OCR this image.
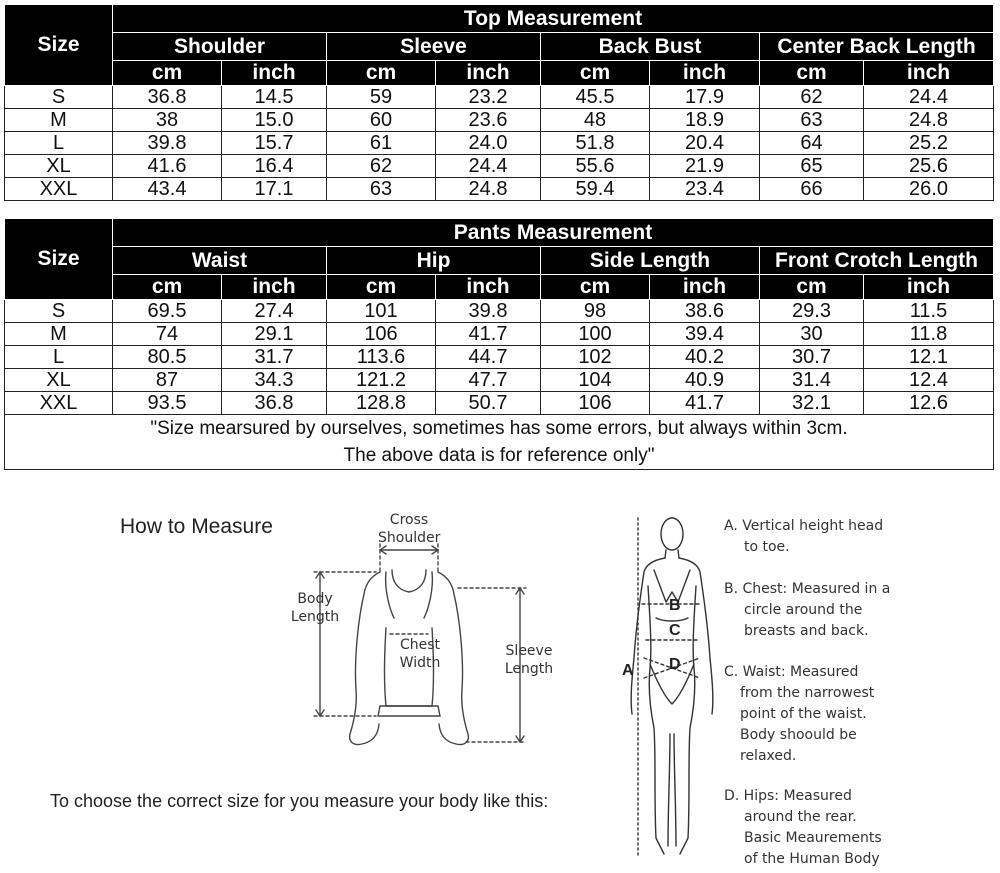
Size	Top Measurement							
	Shoulder		Sleeve		Back Bust		Center Back Length	
	cm	inch	cm	inch	cm	inch	cm	inch
S	36.8	14.5	59	23.2	45.5	17.9	62	24.4
M	38	15.0	60	23.6	48	18.9	63	24.8
L	39.8	15.7	61	24.0	51.8	20.4	64	25.2
XL	41.6	16.4	62	24.4	55.6	21.9	65	25.6
XXL	43.4	17.1	63	24.8	59.4	23.4	66	26.0
Size	Pants Measurement							
	Waist		Hip		Side Length		Front Crotch Length	
	cm	inch	cm	inch	cm	inch	cm	inch
S	69.5	27.4	101	39.8	98	38.6	29.3	11.5
M	74	29.1	106	41.7	100	39.4	30	11.8
L	80.5	31.7	113.6	44.7	102	40.2	30.7	12.1
XL	87	34.3	121.2	47.7	104	40.9	31.4	12.4
XXL	93.5	36.8	128.8	50.7	106	41.7	32.1	12.6

"Size mearsured by ourselves, sometimes has some errors, but always within 3cm.
The above data is for reference only"								
How to Measure
To choose the correct size for you measure your body like this:
Cross
Shoulder
Body
Length
Chest
Width
Sleeve
Length	A
B
C
D
A. Vertical height head
to toe.
B. Chest: Measured in a
circle around the
breasts and back.
C. Waist: Measured
from the narrowest
point of the waist.
Body shoould be
relaxed.
D. Hips: Measured
around the rear.
Basic Meaurements
of the Human Body
